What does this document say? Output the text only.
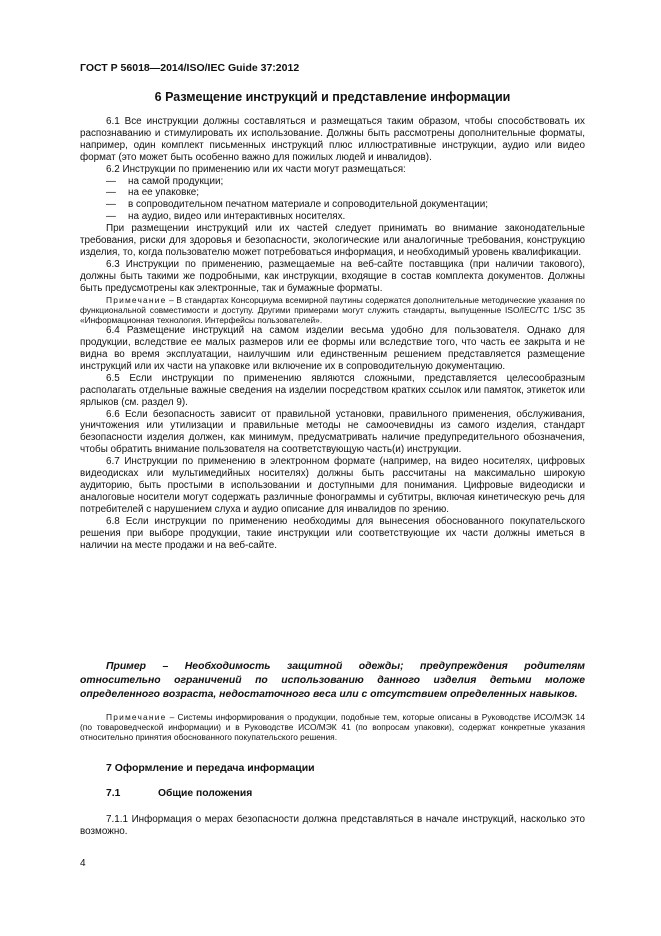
ГОСТ Р 56018—2014/ISO/IEC Guide 37:2012
6 Размещение инструкций и представление информации

6.1 Все инструкции должны составляться и размещаться таким образом, чтобы способствовать их распознаванию и стимулировать их использование. Должны быть рассмотрены дополнительные форматы, например, один комплект письменных инструкций плюс иллюстративные инструкции, аудио или видео формат (это может быть особенно важно для пожилых людей и инвалидов).

6.2 Инструкции по применению или их части могут размещаться:

— на самой продукции;

— на ее упаковке;

— в сопроводительном печатном материале и сопроводительной документации;

— на аудио, видео или интерактивных носителях.

При размещении инструкций или их частей следует принимать во внимание законодательные требования, риски для здоровья и безопасности, экологические или аналогичные требования, конструкцию изделия, то, когда пользователю может потребоваться информация, и необходимый уровень квалификации.

6.3 Инструкции по применению, размещаемые на веб-сайте поставщика (при наличии такового), должны быть такими же подробными, как инструкции, входящие в состав комплекта документов. Должны быть предусмотрены как электронные, так и бумажные форматы.

Примечание – В стандартах Консорциума всемирной паутины содержатся дополнительные методические указания по функциональной совместимости и доступу. Другими примерами могут служить стандарты, выпущенные ISO/IEC/TC 1/SC 35 «Информационная технология. Интерфейсы пользователей».

6.4 Размещение инструкций на самом изделии весьма удобно для пользователя. Однако для продукции, вследствие ее малых размеров или ее формы или вследствие того, что часть ее закрыта и не видна во время эксплуатации, наилучшим или единственным решением представляется размещение инструкций или их части на упаковке или включение их в сопроводительную документацию.

6.5 Если инструкции по применению являются сложными, представляется целесообразным располагать отдельные важные сведения на изделии посредством кратких ссылок или памяток, этикеток или ярлыков (см. раздел 9).

6.6 Если безопасность зависит от правильной установки, правильного применения, обслуживания, уничтожения или утилизации и правильные методы не самоочевидны из самого изделия, стандарт безопасности изделия должен, как минимум, предусматривать наличие предупредительного обозначения, чтобы обратить внимание пользователя на соответствующую часть(и) инструкции.

6.7 Инструкции по применению в электронном формате (например, на видео носителях, цифровых видеодисках или мультимедийных носителях) должны быть рассчитаны на максимально широкую аудиторию, быть простыми в использовании и доступными для понимания. Цифровые видеодиски и аналоговые носители могут содержать различные фонограммы и субтитры, включая кинетическую речь для потребителей с нарушением слуха и аудио описание для инвалидов по зрению.

6.8 Если инструкции по применению необходимы для вынесения обоснованного покупательского решения при выборе продукции, такие инструкции или соответствующие их части должны иметься в наличии на месте продажи и на веб-сайте.

Пример – Необходимость защитной одежды; предупреждения родителям относительно ограничений по использованию данного изделия детьми моложе определенного возраста, недостаточного веса или с отсутствием определенных навыков.

Примечание – Системы информирования о продукции, подобные тем, которые описаны в Руководстве ИСО/МЭК 14 (по товароведческой информации) и в Руководстве ИСО/МЭК 41 (по вопросам упаковки), содержат конкретные указания относительно принятия обоснованного покупательского решения.

7 Оформление и передача информации
7.1	Общие положения

7.1.1 Информация о мерах безопасности должна представляться в начале инструкций, насколько это возможно.

4
